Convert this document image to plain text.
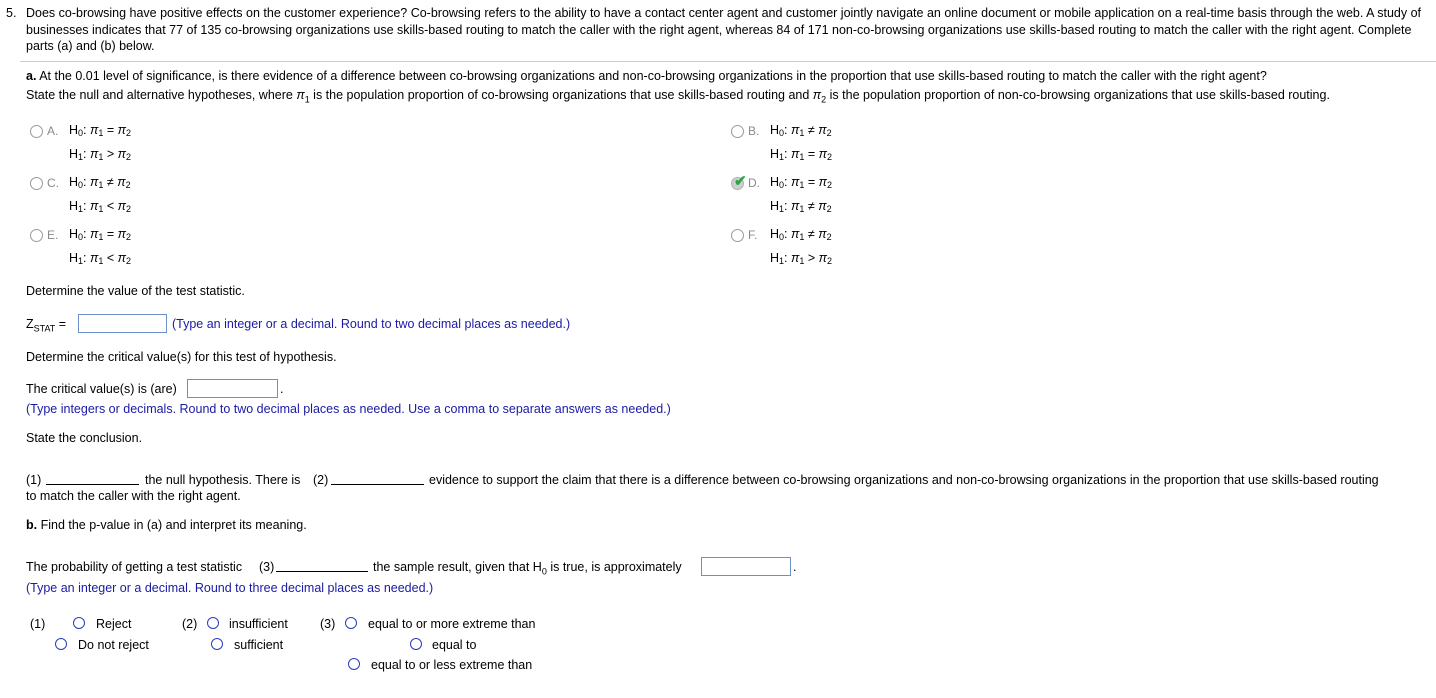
5. Does co-browsing have positive effects on the customer experience? Co-browsing refers to the ability to have a contact center agent and customer jointly navigate an online document or mobile application on a real-time basis through the web. A study of businesses indicates that 77 of 135 co-browsing organizations use skills-based routing to match the caller with the right agent, whereas 84 of 171 non-co-browsing organizations use skills-based routing to match the caller with the right agent. Complete parts (a) and (b) below.
a. At the 0.01 level of significance, is there evidence of a difference between co-browsing organizations and non-co-browsing organizations in the proportion that use skills-based routing to match the caller with the right agent?
State the null and alternative hypotheses, where $\pi_1$ is the population proportion of co-browsing organizations that use skills-based routing and $\pi_2$ is the population proportion of non-co-browsing organizations that use skills-based routing.
A. $H_0$: $\pi_1 = \pi_2$
$H_1$: $\pi_1 > \pi_2$
B. $H_0$: $\pi_1 \ne \pi_2$
$H_1$: $\pi_1 = \pi_2$
C. $H_0$: $\pi_1 \ne \pi_2$
$H_1$: $\pi_1 < \pi_2$
✔ D. $H_0$: $\pi_1 = \pi_2$
$H_1$: $\pi_1 \ne \pi_2$
E. $H_0$: $\pi_1 = \pi_2$
$H_1$: $\pi_1 < \pi_2$
F. $H_0$: $\pi_1 \ne \pi_2$
$H_1$: $\pi_1 > \pi_2$
Determine the value of the test statistic.
$Z_{STAT}$ =	(Type an integer or a decimal. Round to two decimal places as needed.)
Determine the critical value(s) for this test of hypothesis.
The critical value(s) is (are)	.
(Type integers or decimals. Round to two decimal places as needed. Use a comma to separate answers as needed.)
State the conclusion.
(1)	the null hypothesis. There is (2)	evidence to support the claim that there is a difference between co-browsing organizations and non-co-browsing organizations in the proportion that use skills-based routing
to match the caller with the right agent.
b. Find the p-value in (a) and interpret its meaning.
The probability of getting a test statistic (3)	the sample result, given that $H_0$ is true, is approximately	.
(Type an integer or a decimal. Round to three decimal places as needed.)
(1)	Reject
Do not reject
(2)	insufficient
sufficient
(3)	equal to or more extreme than
equal to
equal to or less extreme than
